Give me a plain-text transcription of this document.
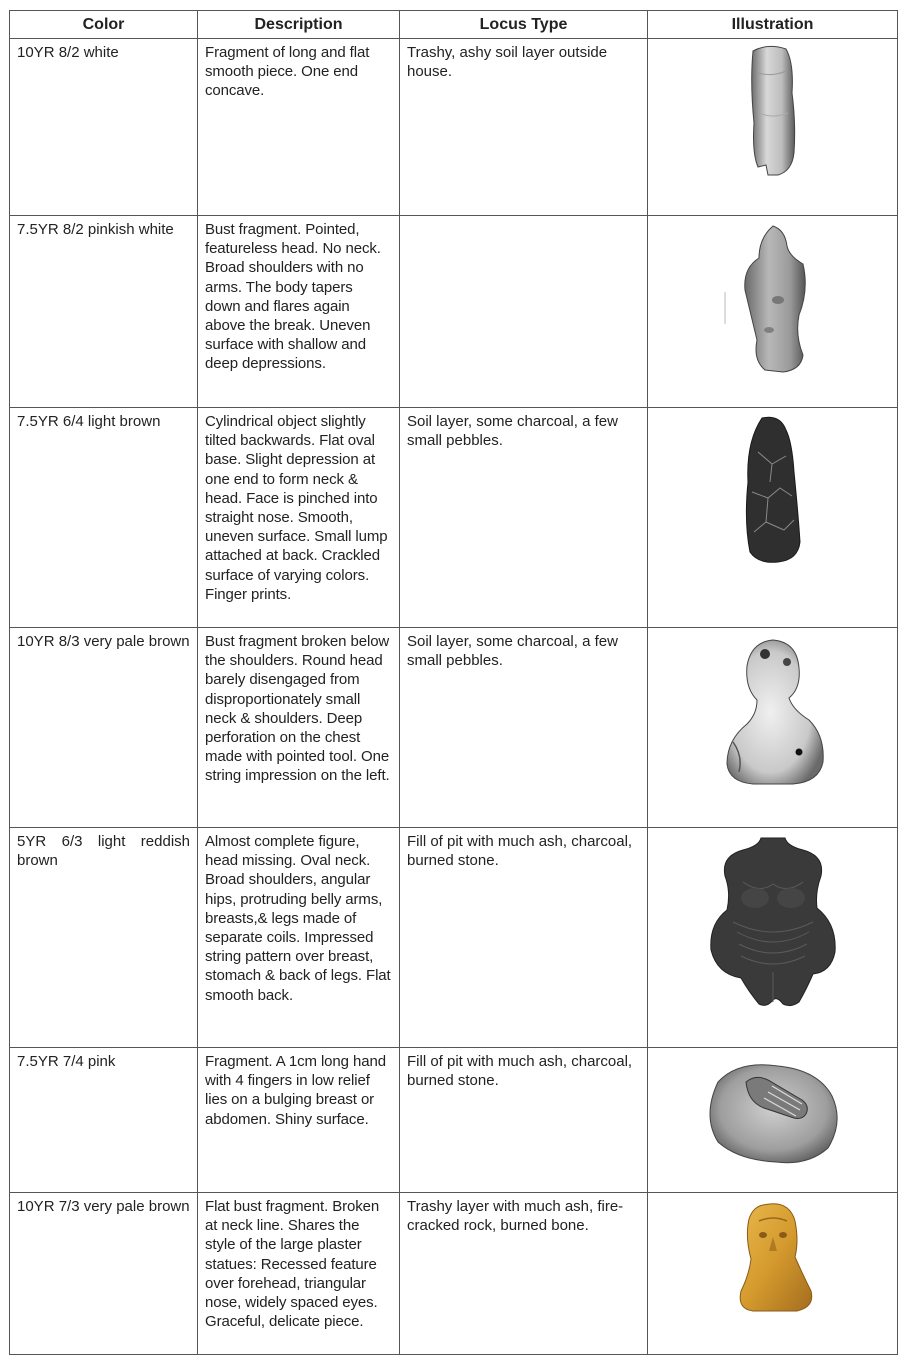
Color	Description	Locus Type	Illustration
10YR 8/2 white	Fragment of long and flat smooth piece. One end concave.	Trashy, ashy soil layer outside house.	

7.5YR 8/2 pinkish white	Bust fragment. Pointed, featureless head. No neck. Broad shoulders with no arms. The body tapers down and flares again above the break. Uneven surface with shallow and deep depressions.		

7.5YR 6/4 light brown	Cylindrical object slightly tilted backwards. Flat oval base. Slight depression at one end to form neck & head. Face is pinched into straight nose. Smooth, uneven surface. Small lump attached at back. Crackled surface of varying colors. Finger prints.	Soil layer, some charcoal, a few small pebbles.	

10YR 8/3 very pale brown	Bust fragment broken below the shoulders. Round head barely disengaged from disproportionately small neck & shoulders. Deep perforation on the chest made with pointed tool. One string impression on the left.	Soil layer, some charcoal, a few small pebbles.	

5YR 6/3 light reddish brown	Almost complete figure, head missing. Oval neck. Broad shoulders, angular hips, protruding belly arms, breasts,& legs made of separate coils. Impressed string pattern over breast, stomach & back of legs. Flat smooth back.	Fill of pit with much ash, charcoal, burned stone.	

7.5YR 7/4 pink	Fragment. A 1cm long hand with 4 fingers in low relief lies on a bulging breast or abdomen. Shiny surface.	Fill of pit with much ash, charcoal, burned stone.	

10YR 7/3 very pale brown	Flat bust fragment. Broken at neck line. Shares the style of the large plaster statues: Recessed feature over forehead, triangular nose, widely spaced eyes. Graceful, delicate piece.	Trashy layer with much ash, fire-cracked rock, burned bone.	
